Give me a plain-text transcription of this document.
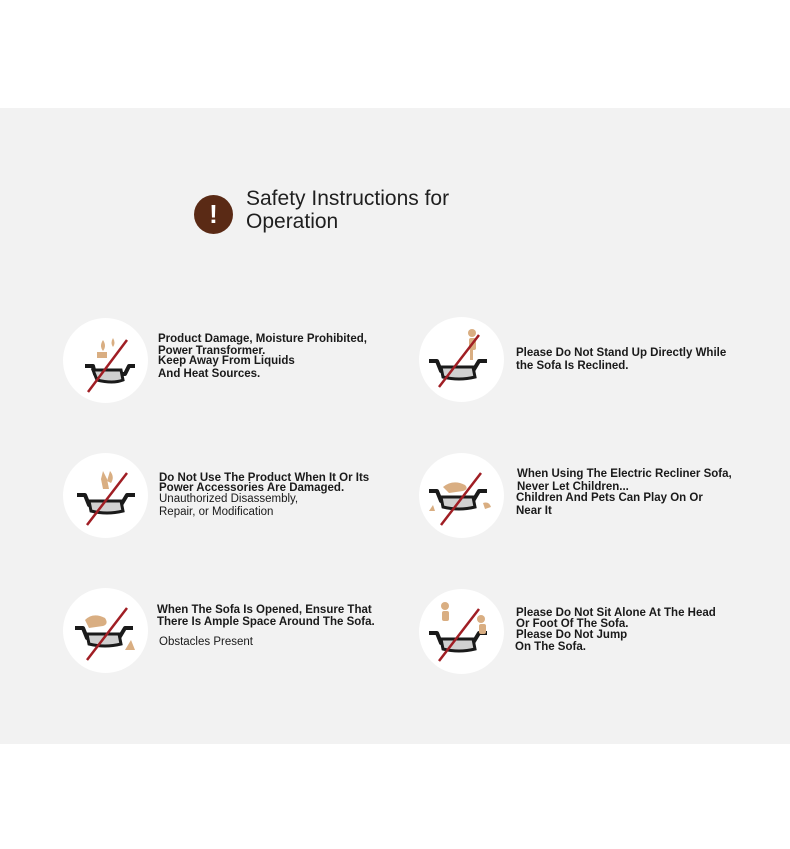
!
Safety Instructions for
Operation
Product Damage, Moisture Prohibited,
Power Transformer.
Keep Away From Liquids
And Heat Sources.
Please Do Not Stand Up Directly While
the Sofa Is Reclined.
Do Not Use The Product When It Or Its
Power Accessories Are Damaged.
Unauthorized Disassembly,
Repair, or Modification
When Using The Electric Recliner Sofa,
Never Let Children...
Children And Pets Can Play On Or
Near It
When The Sofa Is Opened, Ensure That
There Is Ample Space Around The Sofa.
Obstacles Present
Please Do Not Sit Alone At The Head
Or Foot Of The Sofa.
Please Do Not Jump
On The Sofa.
